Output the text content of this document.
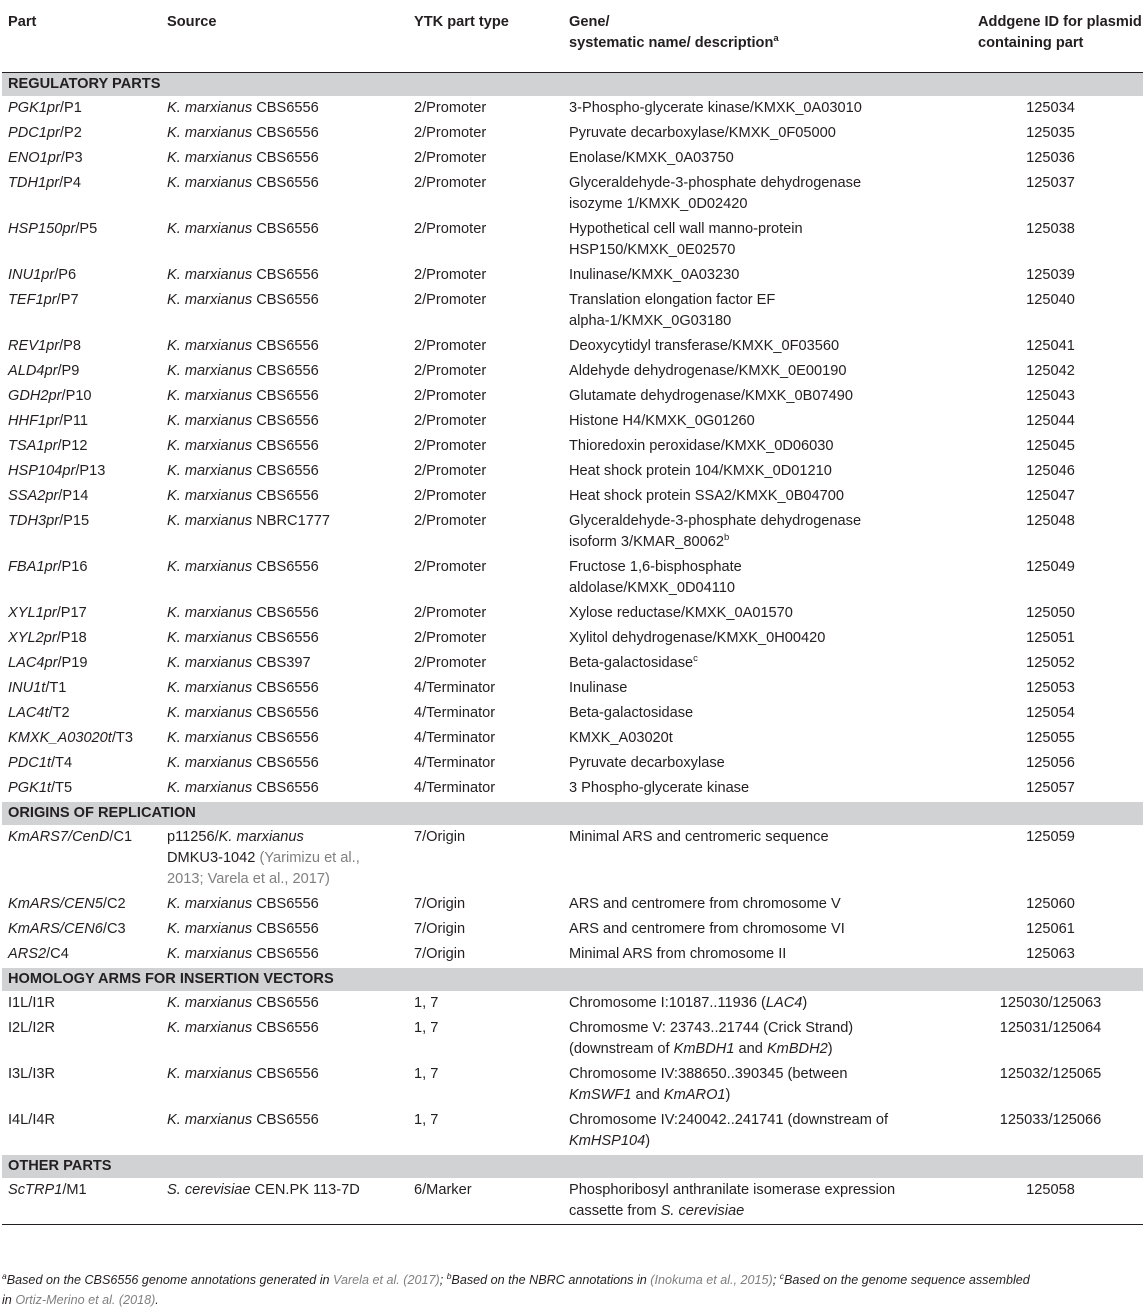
Part	Source	YTK part type	Gene/
systematic name/ description$^a$	Addgene ID for plasmid
containing part
REGULATORY PARTS				
PGK1pr/P1	K. marxianus CBS6556	2/Promoter	3-Phospho-glycerate kinase/KMXK_0A03010	125034
PDC1pr/P2	K. marxianus CBS6556	2/Promoter	Pyruvate decarboxylase/KMXK_0F05000	125035
ENO1pr/P3	K. marxianus CBS6556	2/Promoter	Enolase/KMXK_0A03750	125036
TDH1pr/P4	K. marxianus CBS6556	2/Promoter	Glyceraldehyde-3-phosphate dehydrogenase
isozyme 1/KMXK_0D02420	125037
HSP150pr/P5	K. marxianus CBS6556	2/Promoter	Hypothetical cell wall manno-protein
HSP150/KMXK_0E02570	125038
INU1pr/P6	K. marxianus CBS6556	2/Promoter	Inulinase/KMXK_0A03230	125039
TEF1pr/P7	K. marxianus CBS6556	2/Promoter	Translation elongation factor EF
alpha-1/KMXK_0G03180	125040
REV1pr/P8	K. marxianus CBS6556	2/Promoter	Deoxycytidyl transferase/KMXK_0F03560	125041
ALD4pr/P9	K. marxianus CBS6556	2/Promoter	Aldehyde dehydrogenase/KMXK_0E00190	125042
GDH2pr/P10	K. marxianus CBS6556	2/Promoter	Glutamate dehydrogenase/KMXK_0B07490	125043
HHF1pr/P11	K. marxianus CBS6556	2/Promoter	Histone H4/KMXK_0G01260	125044
TSA1pr/P12	K. marxianus CBS6556	2/Promoter	Thioredoxin peroxidase/KMXK_0D06030	125045
HSP104pr/P13	K. marxianus CBS6556	2/Promoter	Heat shock protein 104/KMXK_0D01210	125046
SSA2pr/P14	K. marxianus CBS6556	2/Promoter	Heat shock protein SSA2/KMXK_0B04700	125047
TDH3pr/P15	K. marxianus NBRC1777	2/Promoter	Glyceraldehyde-3-phosphate dehydrogenase
isoform 3/KMAR_80062$^b$	125048
FBA1pr/P16	K. marxianus CBS6556	2/Promoter	Fructose 1,6-bisphosphate
aldolase/KMXK_0D04110	125049
XYL1pr/P17	K. marxianus CBS6556	2/Promoter	Xylose reductase/KMXK_0A01570	125050
XYL2pr/P18	K. marxianus CBS6556	2/Promoter	Xylitol dehydrogenase/KMXK_0H00420	125051
LAC4pr/P19	K. marxianus CBS397	2/Promoter	Beta-galactosidase$^c$	125052
INU1t/T1	K. marxianus CBS6556	4/Terminator	Inulinase	125053
LAC4t/T2	K. marxianus CBS6556	4/Terminator	Beta-galactosidase	125054
KMXK_A03020t/T3	K. marxianus CBS6556	4/Terminator	KMXK_A03020t	125055
PDC1t/T4	K. marxianus CBS6556	4/Terminator	Pyruvate decarboxylase	125056
PGK1t/T5	K. marxianus CBS6556	4/Terminator	3 Phospho-glycerate kinase	125057
ORIGINS OF REPLICATION				
KmARS7/CenD/C1	p11256/K. marxianus
DMKU3-1042 (Yarimizu et al.,
2013; Varela et al., 2017)	7/Origin	Minimal ARS and centromeric sequence	125059
KmARS/CEN5/C2	K. marxianus CBS6556	7/Origin	ARS and centromere from chromosome V	125060
KmARS/CEN6/C3	K. marxianus CBS6556	7/Origin	ARS and centromere from chromosome VI	125061
ARS2/C4	K. marxianus CBS6556	7/Origin	Minimal ARS from chromosome II	125063
HOMOLOGY ARMS FOR INSERTION VECTORS				
I1L/I1R	K. marxianus CBS6556	1, 7	Chromosome I:10187..11936 (LAC4)	125030/125063
I2L/I2R	K. marxianus CBS6556	1, 7	Chromosme V: 23743..21744 (Crick Strand)
(downstream of KmBDH1 and KmBDH2)	125031/125064
I3L/I3R	K. marxianus CBS6556	1, 7	Chromosome IV:388650..390345 (between
KmSWF1 and KmARO1)	125032/125065
I4L/I4R	K. marxianus CBS6556	1, 7	Chromosome IV:240042..241741 (downstream of
KmHSP104)	125033/125066
OTHER PARTS				
ScTRP1/M1	S. cerevisiae CEN.PK 113-7D	6/Marker	Phosphoribosyl anthranilate isomerase expression
cassette from S. cerevisiae	125058
$^a$Based on the CBS6556 genome annotations generated in Varela et al. (2017); $^b$Based on the NBRC annotations in (Inokuma et al., 2015); $^c$Based on the genome sequence assembled
in Ortiz-Merino et al. (2018).
